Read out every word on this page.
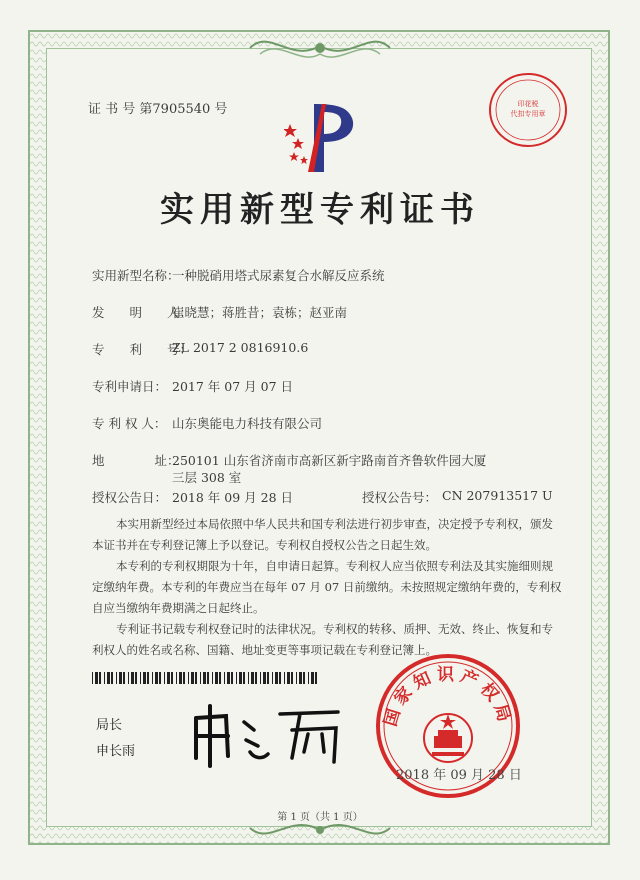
证 书 号 第7905540 号	印花税
代扣专用章
实用新型专利证书
实用新型名称：
一种脱硝用塔式尿素复合水解反应系统
发　　明　　人：
崔晓慧；蒋胜昔；袁栋；赵亚南
专　　利　　号：
ZL 2017 2 0816910.6
专利申请日： 2017 年 07 月 07 日
专 利 权 人： 山东奥能电力科技有限公司
地　　　　址：
250101 山东省济南市高新区新宇路南首齐鲁软件园大厦
三层 308 室
授权公告日： 2018 年 09 月 28 日	授权公告号： CN 207913517 U
本实用新型经过本局依照中华人民共和国专利法进行初步审查，决定授予专利权，颁发本证书并在专利登记簿上予以登记。专利权自授权公告之日起生效。
本专利的专利权期限为十年，自申请日起算。专利权人应当依照专利法及其实施细则规定缴纳年费。本专利的年费应当在每年 07 月 07 日前缴纳。未按照规定缴纳年费的，专利权自应当缴纳年费期满之日起终止。
专利证书记载专利权登记时的法律状况。专利权的转移、质押、无效、终止、恢复和专利权人的姓名或名称、国籍、地址变更等事项记载在专利登记簿上。
局长
申长雨
国家知识产权局
2018 年 09 月 28 日
第 1 页（共 1 页）
